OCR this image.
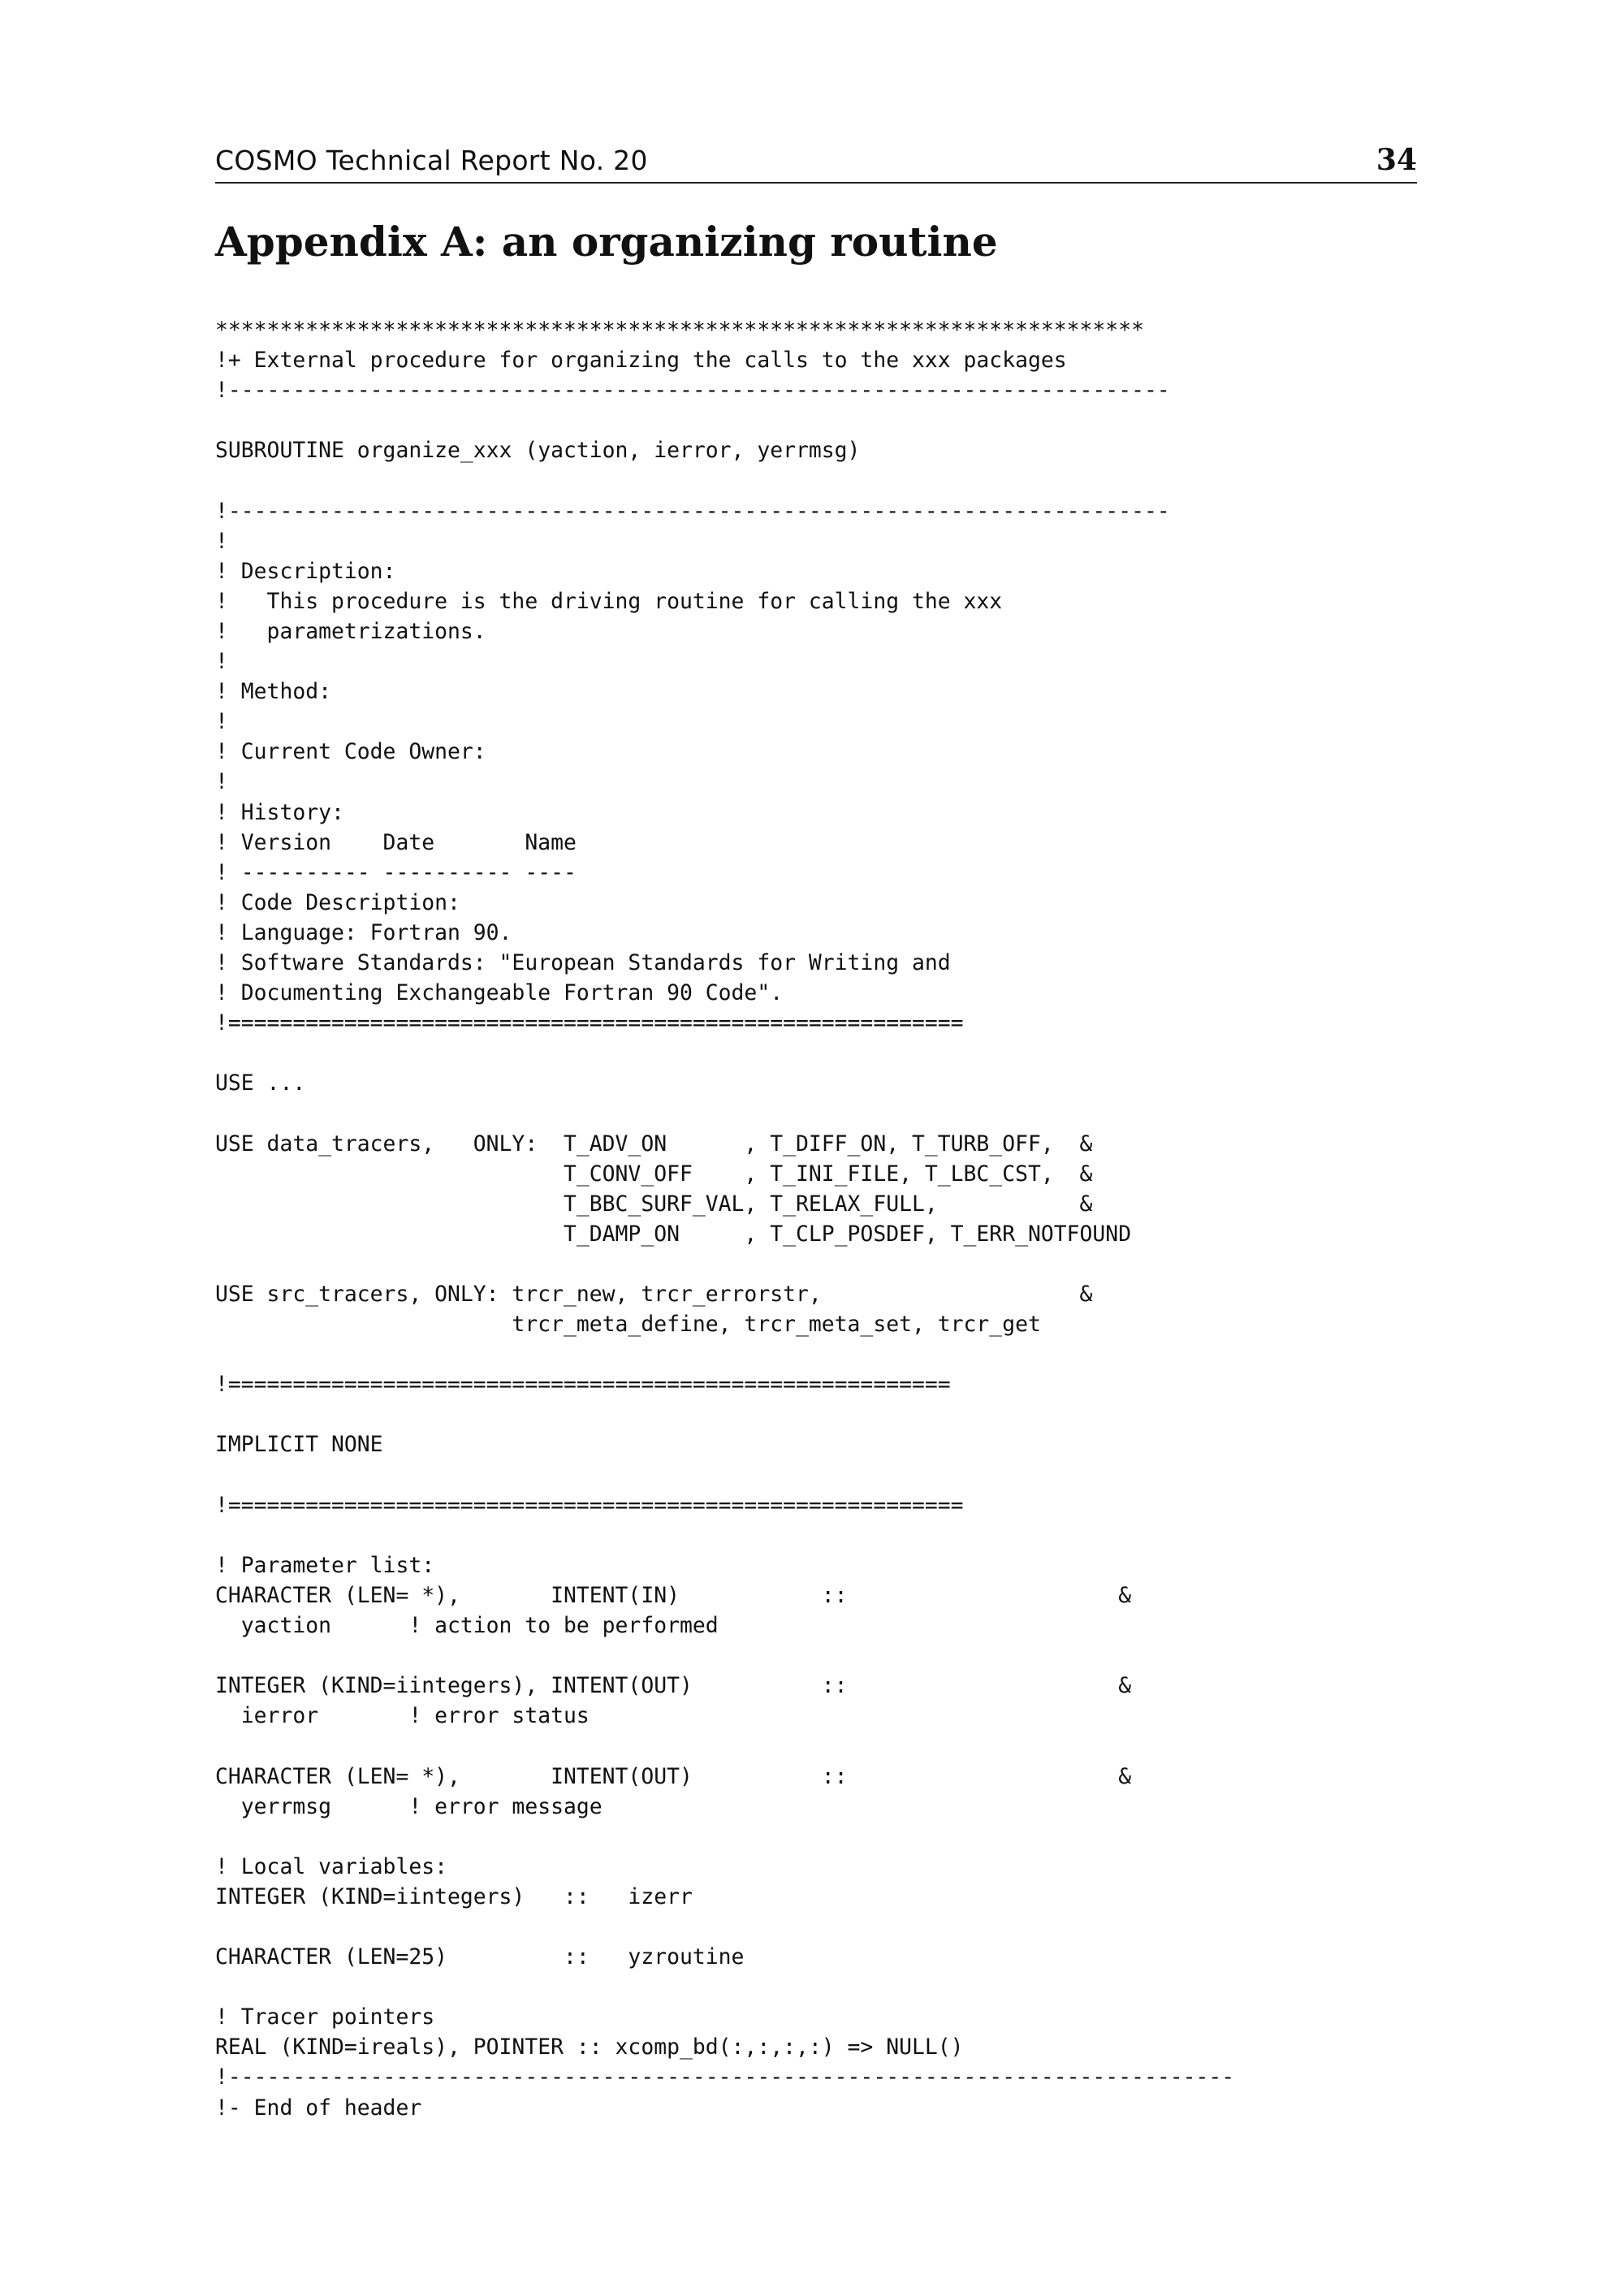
COSMO Technical Report No. 20	34
Appendix A: an organizing routine
************************************************************************
!+ External procedure for organizing the calls to the xxx packages
!-------------------------------------------------------------------------
SUBROUTINE organize_xxx (yaction, ierror, yerrmsg)
!-------------------------------------------------------------------------
!
! Description:
!   This procedure is the driving routine for calling the xxx
!   parametrizations.
!
! Method:
!
! Current Code Owner:
!
! History:
! Version    Date       Name
! ---------- ---------- ----
! Code Description:
! Language: Fortran 90.
! Software Standards: "European Standards for Writing and
! Documenting Exchangeable Fortran 90 Code".
!=========================================================
USE ...
USE data_tracers,   ONLY:  T_ADV_ON      , T_DIFF_ON, T_TURB_OFF,  &
T_CONV_OFF    , T_INI_FILE, T_LBC_CST,  &
T_BBC_SURF_VAL, T_RELAX_FULL,           &
T_DAMP_ON     , T_CLP_POSDEF, T_ERR_NOTFOUND
USE src_tracers, ONLY: trcr_new, trcr_errorstr,                    &
trcr_meta_define, trcr_meta_set, trcr_get
!========================================================
IMPLICIT NONE
!=========================================================
! Parameter list:
CHARACTER (LEN= *),       INTENT(IN)           ::                     &
yaction      ! action to be performed
INTEGER (KIND=iintegers), INTENT(OUT)          ::                     &
ierror       ! error status
CHARACTER (LEN= *),       INTENT(OUT)          ::                     &
yerrmsg      ! error message
! Local variables:
INTEGER (KIND=iintegers)   ::   izerr
CHARACTER (LEN=25)         ::   yzroutine
! Tracer pointers
REAL (KIND=ireals), POINTER :: xcomp_bd(:,:,:,:) => NULL()
!------------------------------------------------------------------------------
!- End of header
